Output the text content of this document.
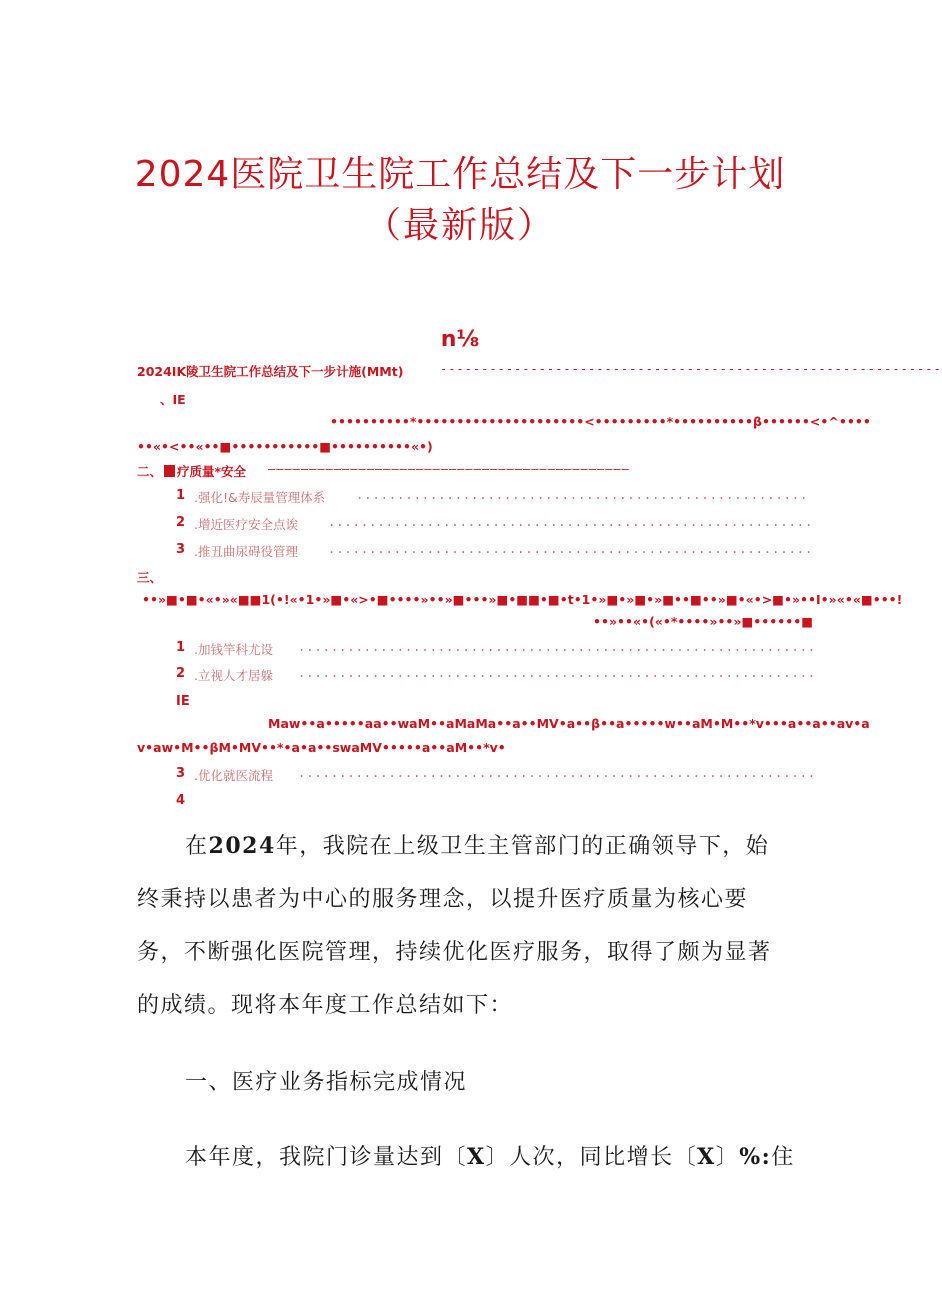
2024医院卫生院工作总结及下一步计划
（最新版）
n⅛
2024IK陵卫生院工作总结及下一步计施(MMt)	-------------------------------------------------------------
、IE
••••••••••*•••••••••••••••••••••<•••••••••*••••••••••β••••••<•^••••
••«•<••«••■•••••••••••■••••••••••«•)
二、 疗质量*安全 ————————————————————————————————————————————
1 .强化!&寿辰量管理体系	.......................................................
2 .增近医疗安全点诶	...........................................................
3 .推丑曲尿碍役管理	...........................................................
三、
••»■•■•«•»«■■1(•!«•1•»■•«>•■••••»••»■•••»■•■■•■•t•1•»■•»■•»■••■••»■•«•>■•»••I•»«•«■•••!
••»••«•(«•*••••»••»■••••••■
1 .加钱竿科尤设 ...............................................................
2 .立视人才居躲 ...............................................................
IE
Maw••a•••••aa••waM••aMaMa••a••MV•a••β••a•••••w••aM•M••*v•••a••a••av•a
v•aw•M••βM•MV••*•a•a••swaMV•••••a••aM••*v•
3 .优化就医流程 ...............................................................
4
在2024年，我院在上级卫生主管部门的正确领导下，始终秉持以患者为中心的服务理念，以提升医疗质量为核心要务，不断强化医院管理，持续优化医疗服务，取得了颇为显著的成绩。现将本年度工作总结如下：
一、医疗业务指标完成情况
本年度，我院门诊量达到〔X〕人次，同比增长〔X〕%:住
